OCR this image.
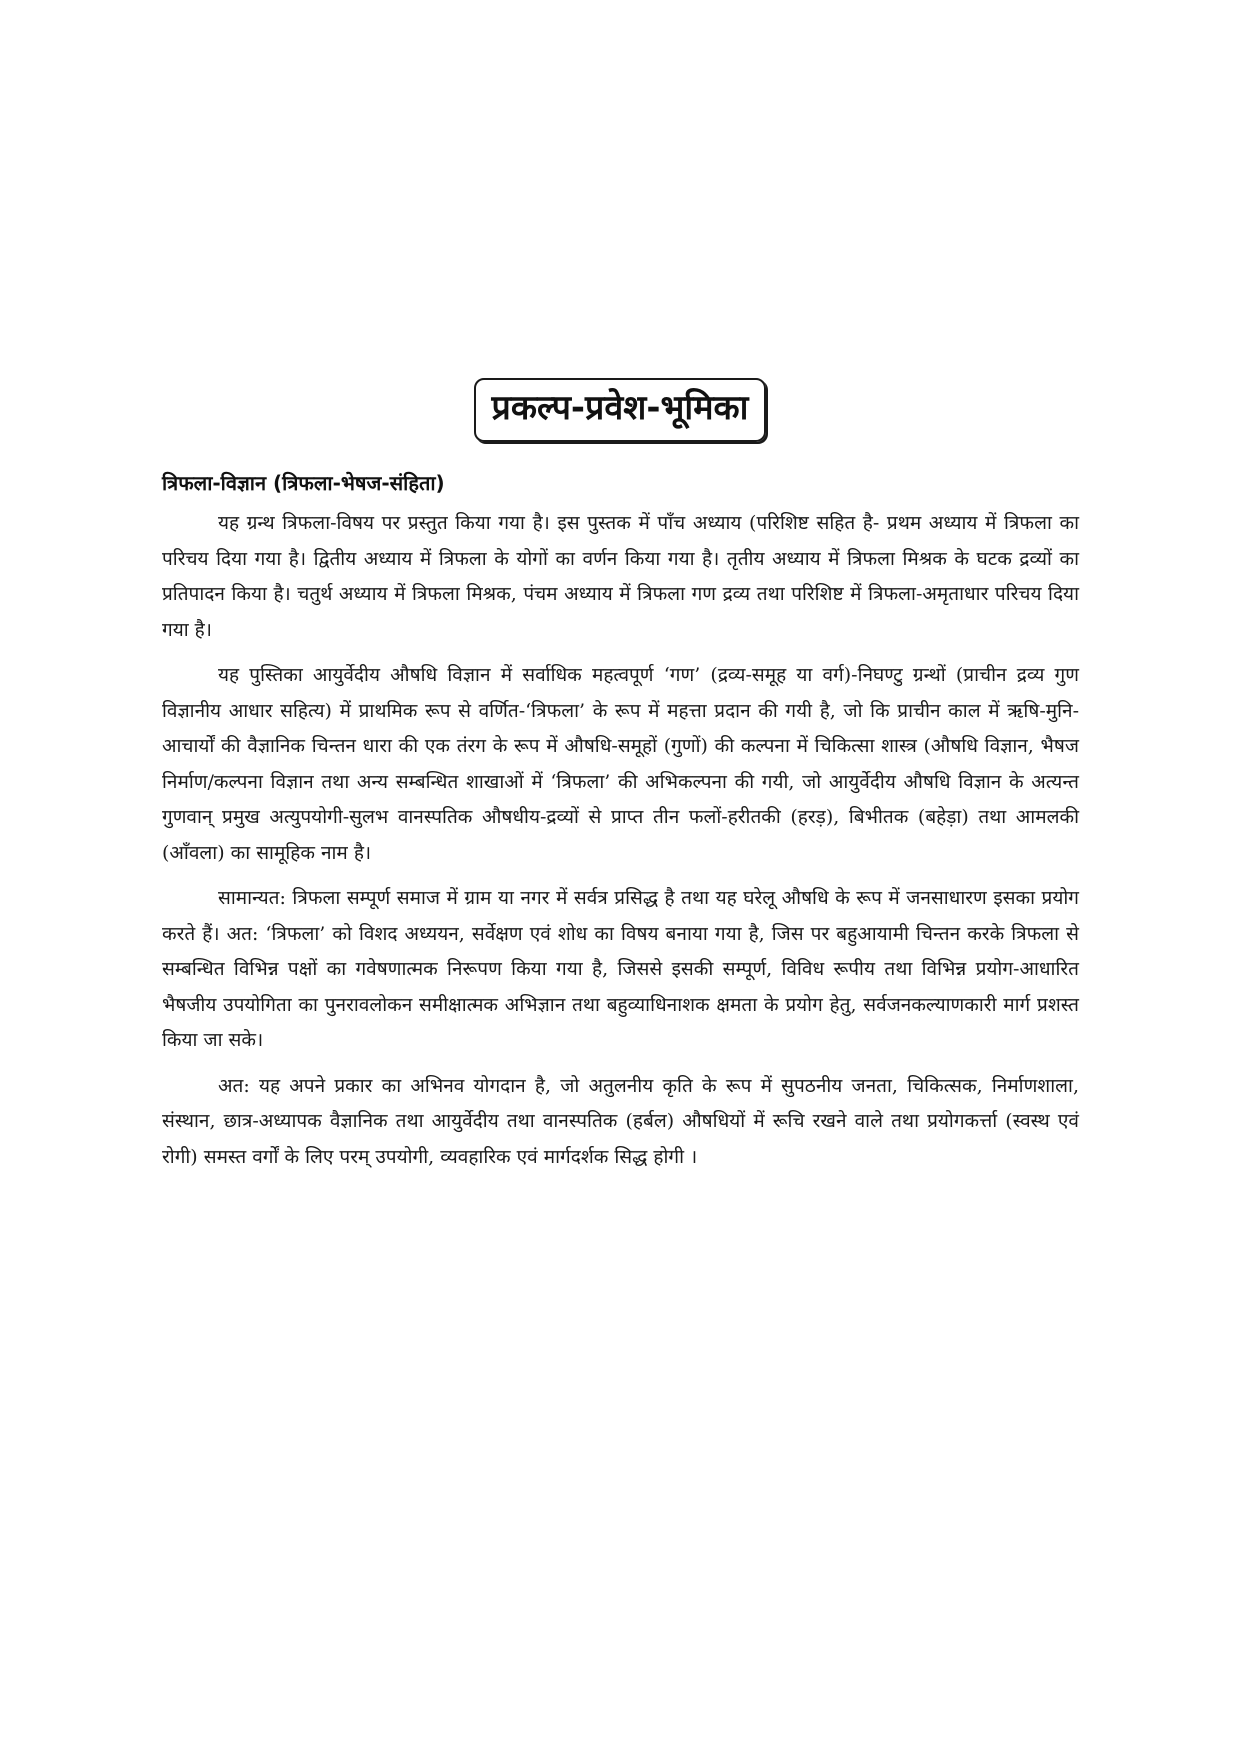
प्रकल्प-प्रवेश-भूमिका
त्रिफला-विज्ञान (त्रिफला-भेषज-संहिता)

यह ग्रन्थ त्रिफला-विषय पर प्रस्तुत किया गया है। इस पुस्तक में पाँच अध्याय (परिशिष्ट सहित है- प्रथम अध्याय में त्रिफला का परिचय दिया गया है। द्वितीय अध्याय में त्रिफला के योगों का वर्णन किया गया है। तृतीय अध्याय में त्रिफला मिश्रक के घटक द्रव्यों का प्रतिपादन किया है। चतुर्थ अध्याय में त्रिफला मिश्रक, पंचम अध्याय में त्रिफला गण द्रव्य तथा परिशिष्ट में त्रिफला-अमृताधार परिचय दिया गया है।

यह पुस्तिका आयुर्वेदीय औषधि विज्ञान में सर्वाधिक महत्वपूर्ण ‘गण’ (द्रव्य-समूह या वर्ग)-निघण्टु ग्रन्थों (प्राचीन द्रव्य गुण विज्ञानीय आधार सहित्य) में प्राथमिक रूप से वर्णित-‘त्रिफला’ के रूप में महत्ता प्रदान की गयी है, जो कि प्राचीन काल में ऋषि-मुनि-आचार्यों की वैज्ञानिक चिन्तन धारा की एक तंरग के रूप में औषधि-समूहों (गुणों) की कल्पना में चिकित्सा शास्त्र (औषधि विज्ञान, भैषज निर्माण/कल्पना विज्ञान तथा अन्य सम्बन्धित शाखाओं में ‘त्रिफला’ की अभिकल्पना की गयी, जो आयुर्वेदीय औषधि विज्ञान के अत्यन्त गुणवान् प्रमुख अत्युपयोगी-सुलभ वानस्पतिक औषधीय-द्रव्यों से प्राप्त तीन फलों-हरीतकी (हरड़), बिभीतक (बहेड़ा) तथा आमलकी (आँवला) का सामूहिक नाम है।

सामान्यत: त्रिफला सम्पूर्ण समाज में ग्राम या नगर में सर्वत्र प्रसिद्ध है तथा यह घरेलू औषधि के रूप में जनसाधारण इसका प्रयोग करते हैं। अत: ‘त्रिफला’ को विशद अध्ययन, सर्वेक्षण एवं शोध का विषय बनाया गया है, जिस पर बहुआयामी चिन्तन करके त्रिफला से सम्बन्धित विभिन्न पक्षों का गवेषणात्मक निरूपण किया गया है, जिससे इसकी सम्पूर्ण, विविध रूपीय तथा विभिन्न प्रयोग-आधारित भैषजीय उपयोगिता का पुनरावलोकन समीक्षात्मक अभिज्ञान तथा बहुव्याधिनाशक क्षमता के प्रयोग हेतु, सर्वजनकल्याणकारी मार्ग प्रशस्त किया जा सके।

अत: यह अपने प्रकार का अभिनव योगदान है, जो अतुलनीय कृति के रूप में सुपठनीय जनता, चिकित्सक, निर्माणशाला, संस्थान, छात्र-अध्यापक वैज्ञानिक तथा आयुर्वेदीय तथा वानस्पतिक (हर्बल) औषधियों में रूचि रखने वाले तथा प्रयोगकर्त्ता (स्वस्थ एवं रोगी) समस्त वर्गों के लिए परम् उपयोगी, व्यवहारिक एवं मार्गदर्शक सिद्ध होगी ।
